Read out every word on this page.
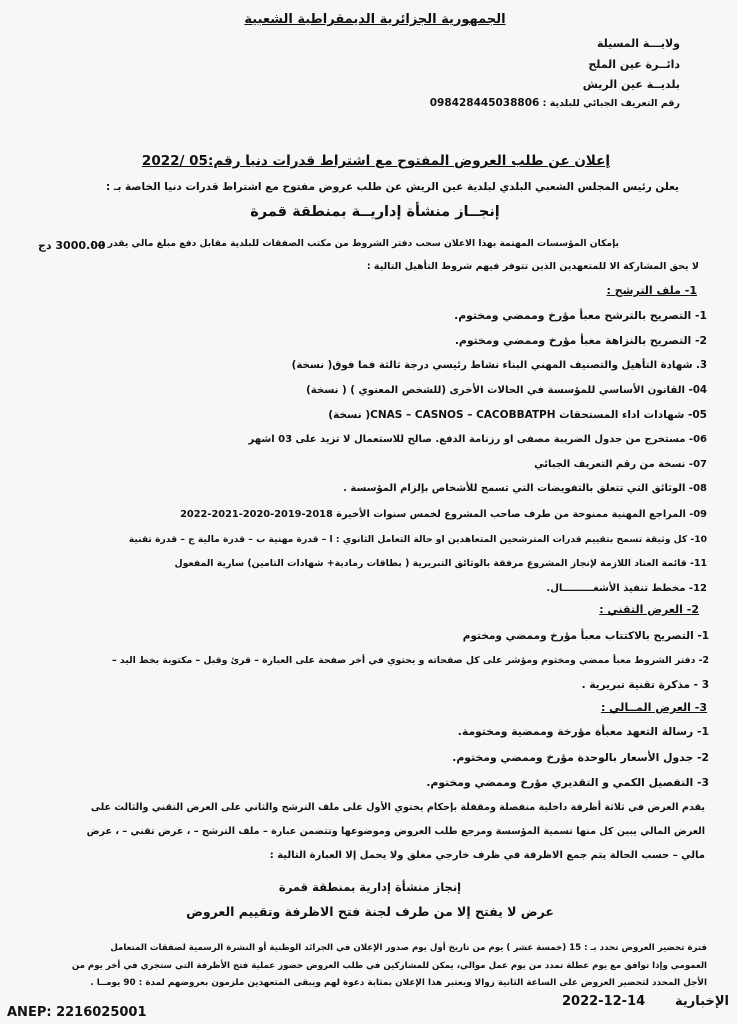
الجمهورية الجزائرية الديمقراطية الشعبية
ولايـــة المسيلة
دائــرة عين الملح
بلديــة عين الريش
رقم التعريف الجبائي للبلدية : 098428445038806
إعلان عن طلب العروض المفتوح مع اشتراط قدرات دنيا رقم:05 /2022
يعلن رئيس المجلس الشعبي البلدي لبلدية عين الريش عن طلب عروض مفتوح مع اشتراط قدرات دنيا الخاصة بـ :
إنجــاز منشأة إداريــة بمنطقة قمرة
بإمكان المؤسسات المهتمة بهذا الاعلان سحب دفتر الشروط من مكتب الصفقات للبلدية مقابل دفع مبلغ مالي يقدر بـ :
3000.00 دج
لا يحق المشاركة الا للمتعهدين الذين تتوفر فيهم شروط التأهيل التالية :
1- ملف الترشح :
1- التصريح بالترشح معبأ مؤرخ وممضي ومختوم.
2- التصريح بالنزاهة معبأ مؤرخ وممضي ومختوم.
3. شهادة التأهيل والتصنيف المهني البناء نشاط رئيسي درجة ثالثة فما فوق( نسخة)
04- القانون الأساسي للمؤسسة في الحالات الأخرى (للشخص المعنوي ) ( نسخة)
05- شهادات اداء المستحقات CNAS – CASNOS – CACOBBATPH( نسخة)
06- مستخرج من جدول الضريبة مصفى او رزنامة الدفع. صالح للاستعمال لا تزيد على 03 اشهر
07- نسخة من رقم التعريف الجبائي
08- الوثائق التي تتعلق بالتفويضات التي تسمح للأشخاص بإلزام المؤسسة .
09- المراجع المهنية ممنوحة من طرف صاحب المشروع لخمس سنوات الأخيرة 2018-2019-2020-2021-2022
10- كل وثيقة تسمح بتقييم قدرات المترشحين المتعاهدين او حالة التعامل الثانوي : ا – قدرة مهنية ب – قدرة مالية ج – قدرة تقنية
11- قائمة العتاد اللازمة لإنجاز المشروع مرفقة بالوثائق التبريرية ( بطاقات رمادية+ شهادات التامين) سارية المفعول
12- مخطط تنفيذ الأشغـــــــــال.
2- العرض التقني :
1- التصريح بالاكتتاب معبأ مؤرخ وممضي ومختوم
2- دفتر الشروط معبأ ممضي ومختوم ومؤشر على كل صفحاته و يحتوي في أخر صفحة على العبارة – قرئ وقبل – مكتوبة بخط اليد –
3 - مذكرة تقنية تبريرية .
3- العرض المــالي :
1- رسالة التعهد معبأة مؤرخة وممضية ومختومة.
2- جدول الأسعار بالوحدة مؤرخ وممضي ومختوم.
3- التفصيل الكمي و التقديري مؤرخ وممضي ومختوم.
يقدم العرض في ثلاثة أظرفة داخلية منفصلة ومقفلة بإحكام يحتوي الأول على ملف الترشح والثاني على العرض التقني والثالث على
العرض المالي يبين كل منها تسمية المؤسسة ومرجع طلب العروض وموضوعها وتتضمن عبارة – ملف الترشح – ، عرض تقني – ، عرض
مالي – حسب الحالة يتم جمع الاظرفة في ظرف خارجي مغلق ولا يحمل إلا العبارة التالية :
إنجاز منشأة إدارية بمنطقة قمرة
عرض لا يفتح إلا من طرف لجنة فتح الاظرفة وتقييم العروض
فترة تحضير العروض تحدد بـ : 15 (خمسة عشر ) يوم من تاريخ أول يوم صدور الإعلان في الجرائد الوطنية أو النشرة الرسمية لصفقات المتعامل
العمومي وإذا توافق مع يوم عطلة تمدد من يوم عمل موالي، يمكن للمشاركين في طلب العروض حضور عملية فتح الأظرفة التي ستجري في أخر يوم من
الأجل المحدد لتحضير العروض على الساعة الثانية زوالا ويعتبر هذا الإعلان بمثابة دعوة لهم ويبقى المتعهدين ملزمون بعروضهم لمدة : 90 يومــا .
ANEP: 2216025001
2022-12-14 الإخبارية
